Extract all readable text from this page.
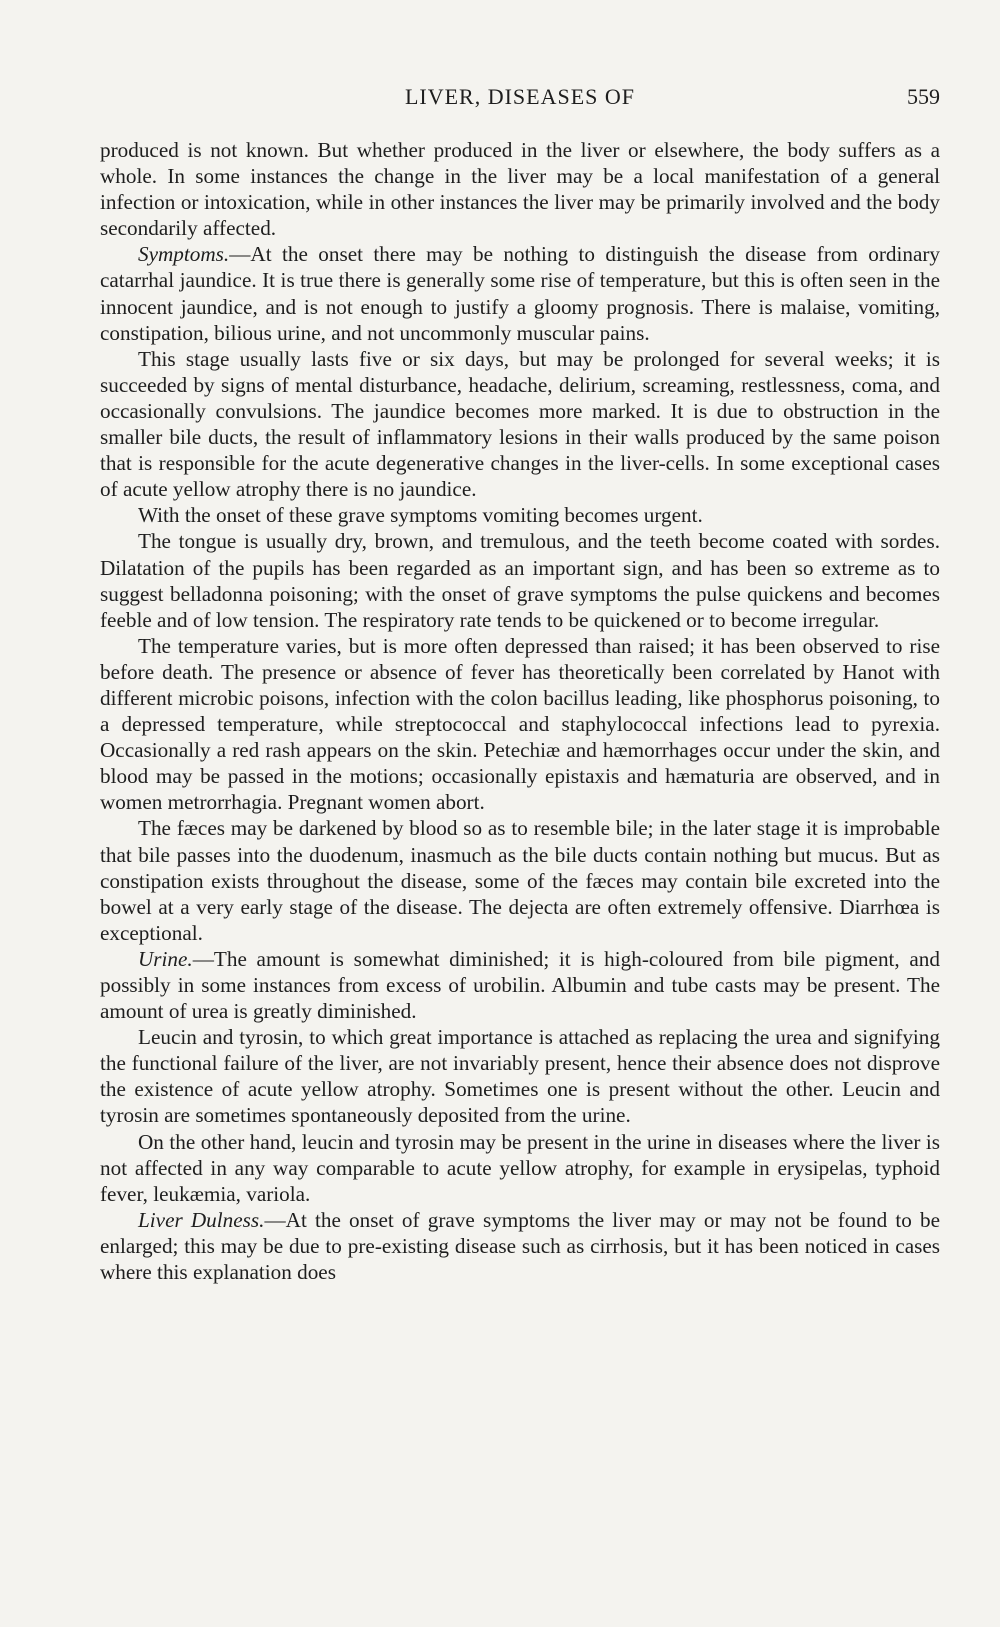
LIVER, DISEASES OF	559

produced is not known. But whether produced in the liver or elsewhere, the body suffers as a whole. In some instances the change in the liver may be a local manifestation of a general infection or intoxication, while in other instances the liver may be primarily involved and the body secondarily affected.

Symptoms.—At the onset there may be nothing to distinguish the disease from ordinary catarrhal jaundice. It is true there is generally some rise of temperature, but this is often seen in the innocent jaundice, and is not enough to justify a gloomy prognosis. There is malaise, vomiting, constipation, bilious urine, and not uncommonly muscular pains.

This stage usually lasts five or six days, but may be prolonged for several weeks; it is succeeded by signs of mental disturbance, headache, delirium, screaming, restlessness, coma, and occasionally convulsions. The jaundice becomes more marked. It is due to obstruction in the smaller bile ducts, the result of inflammatory lesions in their walls produced by the same poison that is responsible for the acute degenerative changes in the liver-cells. In some exceptional cases of acute yellow atrophy there is no jaundice.

With the onset of these grave symptoms vomiting becomes urgent.

The tongue is usually dry, brown, and tremulous, and the teeth become coated with sordes. Dilatation of the pupils has been regarded as an important sign, and has been so extreme as to suggest belladonna poisoning; with the onset of grave symptoms the pulse quickens and becomes feeble and of low tension. The respiratory rate tends to be quickened or to become irregular.

The temperature varies, but is more often depressed than raised; it has been observed to rise before death. The presence or absence of fever has theoretically been correlated by Hanot with different microbic poisons, infection with the colon bacillus leading, like phosphorus poisoning, to a depressed temperature, while streptococcal and staphylococcal infections lead to pyrexia. Occasionally a red rash appears on the skin. Petechiæ and hæmorrhages occur under the skin, and blood may be passed in the motions; occasionally epistaxis and hæmaturia are observed, and in women metrorrhagia. Pregnant women abort.

The fæces may be darkened by blood so as to resemble bile; in the later stage it is improbable that bile passes into the duodenum, inasmuch as the bile ducts contain nothing but mucus. But as constipation exists throughout the disease, some of the fæces may contain bile excreted into the bowel at a very early stage of the disease. The dejecta are often extremely offensive. Diarrhœa is exceptional.

Urine.—The amount is somewhat diminished; it is high-coloured from bile pigment, and possibly in some instances from excess of urobilin. Albumin and tube casts may be present. The amount of urea is greatly diminished.

Leucin and tyrosin, to which great importance is attached as replacing the urea and signifying the functional failure of the liver, are not invariably present, hence their absence does not disprove the existence of acute yellow atrophy. Sometimes one is present without the other. Leucin and tyrosin are sometimes spontaneously deposited from the urine.

On the other hand, leucin and tyrosin may be present in the urine in diseases where the liver is not affected in any way comparable to acute yellow atrophy, for example in erysipelas, typhoid fever, leukæmia, variola.

Liver Dulness.—At the onset of grave symptoms the liver may or may not be found to be enlarged; this may be due to pre-existing disease such as cirrhosis, but it has been noticed in cases where this explanation does
